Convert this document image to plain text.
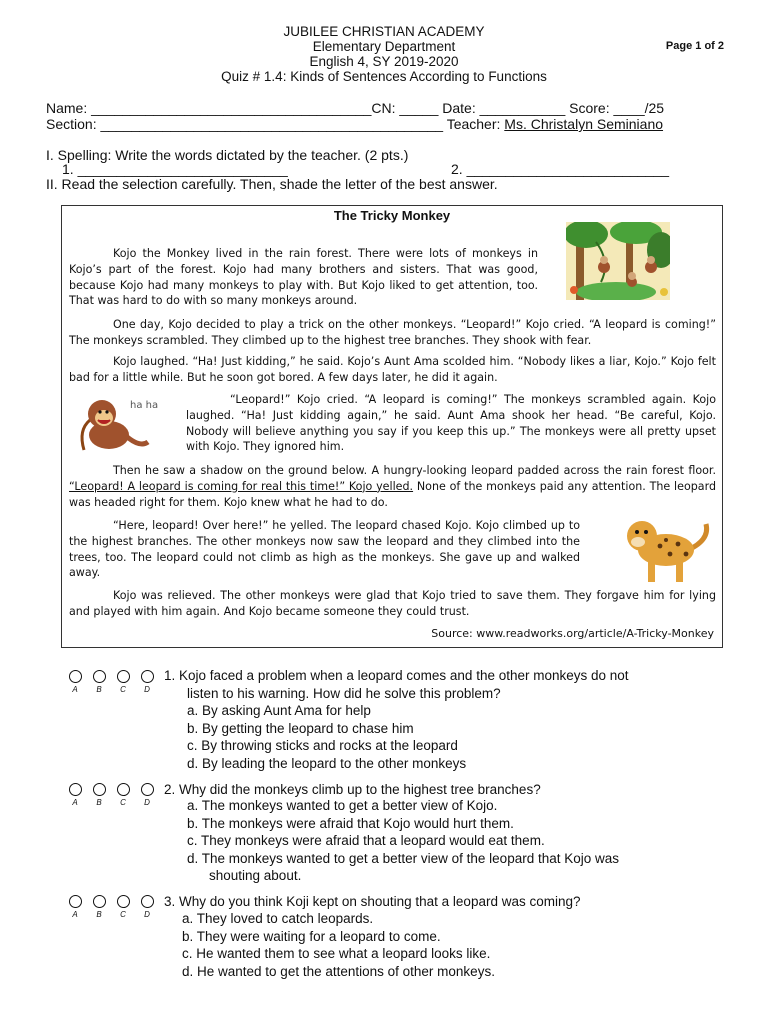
JUBILEE CHRISTIAN ACADEMY
Elementary Department
English 4, SY 2019-2020
Quiz # 1.4: Kinds of Sentences According to Functions
Page 1 of 2
Name: ____________________________________CN: _____ Date: ___________ Score: ____/25
Section: ____________________________________________ Teacher: Ms. Christalyn Seminiano
I. Spelling: Write the words dictated by the teacher. (2 pts.)
1. ___________________________	2. __________________________
II. Read the selection carefully. Then, shade the letter of the best answer.
The Tricky Monkey

Kojo the Monkey lived in the rain forest. There were lots of monkeys in Kojo’s part of the forest. Kojo had many brothers and sisters. That was good, because Kojo had many monkeys to play with. But Kojo liked to get attention, too. That was hard to do with so many monkeys around.

One day, Kojo decided to play a trick on the other monkeys. “Leopard!” Kojo cried. “A leopard is coming!” The monkeys scrambled. They climbed up to the highest tree branches. They shook with fear.

Kojo laughed. “Ha! Just kidding,” he said. Kojo’s Aunt Ama scolded him. “Nobody likes a liar, Kojo.” Kojo felt bad for a little while. But he soon got bored. A few days later, he did it again.

ha ha	“Leopard!” Kojo cried. “A leopard is coming!” The monkeys scrambled again. Kojo laughed. “Ha! Just kidding again,” he said. Aunt Ama shook her head. “Be careful, Kojo. Nobody will believe anything you say if you keep this up.” The monkeys were all pretty upset with Kojo. They ignored him.

Then he saw a shadow on the ground below. A hungry-looking leopard padded across the rain forest floor. “Leopard! A leopard is coming for real this time!” Kojo yelled. None of the monkeys paid any attention. The leopard was headed right for them. Kojo knew what he had to do.

“Here, leopard! Over here!” he yelled. The leopard chased Kojo. Kojo climbed up to the highest branches. The other monkeys now saw the leopard and they climbed into the trees, too. The leopard could not climb as high as the monkeys. She gave up and walked away.

Kojo was relieved. The other monkeys were glad that Kojo tried to save them. They forgave him for lying and played with him again. And Kojo became someone they could trust.

Source: www.readworks.org/article/A-Tricky-Monkey
A B C D
1. Kojo faced a problem when a leopard comes and the other monkeys do not
listen to his warning. How did he solve this problem?
a. By asking Aunt Ama for help
b. By getting the leopard to chase him
c. By throwing sticks and rocks at the leopard
d. By leading the leopard to the other monkeys
A B C D
2. Why did the monkeys climb up to the highest tree branches?
a. The monkeys wanted to get a better view of Kojo.
b. The monkeys were afraid that Kojo would hurt them.
c. They monkeys were afraid that a leopard would eat them.
d. The monkeys wanted to get a better view of the leopard that Kojo was
shouting about.
A B C D
3. Why do you think Koji kept on shouting that a leopard was coming?
a. They loved to catch leopards.
b. They were waiting for a leopard to come.
c. He wanted them to see what a leopard looks like.
d. He wanted to get the attentions of other monkeys.
